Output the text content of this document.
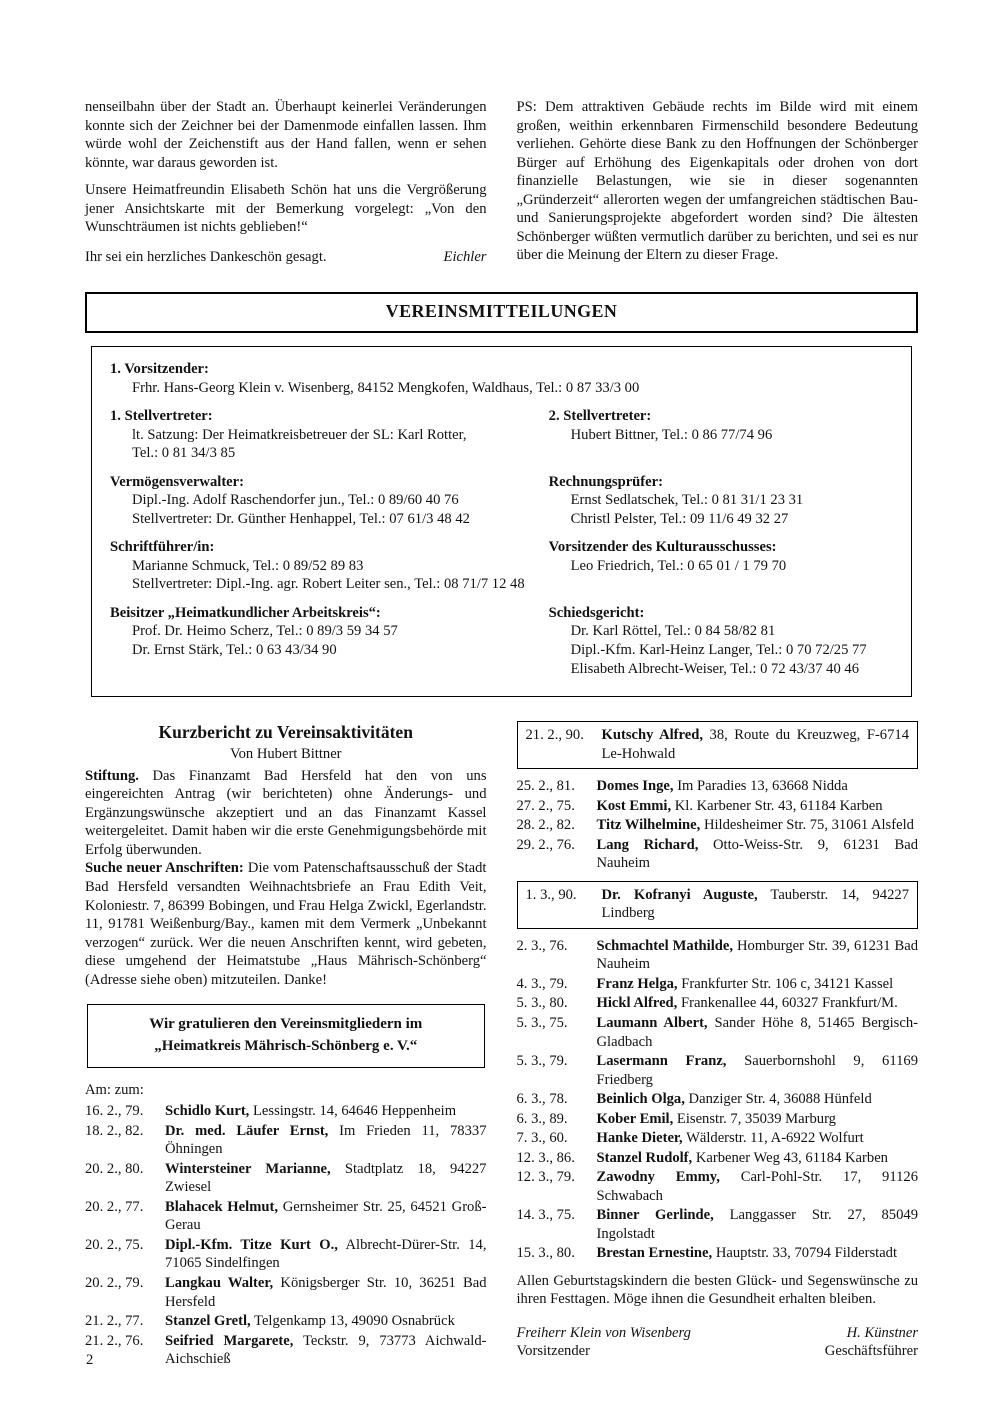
nenseilbahn über der Stadt an. Überhaupt keinerlei Veränderungen konnte sich der Zeichner bei der Damenmode einfallen lassen. Ihm würde wohl der Zeichenstift aus der Hand fallen, wenn er sehen könnte, war daraus geworden ist.

Unsere Heimatfreundin Elisabeth Schön hat uns die Vergrößerung jener Ansichtskarte mit der Bemerkung vorgelegt: „Von den Wunschträumen ist nichts geblieben!“

Ihr sei ein herzliches Dankeschön gesagt.	Eichler

PS: Dem attraktiven Gebäude rechts im Bilde wird mit einem großen, weithin erkennbaren Firmenschild besondere Bedeutung verliehen. Gehörte diese Bank zu den Hoffnungen der Schönberger Bürger auf Erhöhung des Eigenkapitals oder drohen von dort finanzielle Belastungen, wie sie in dieser sogenannten „Gründerzeit“ allerorten wegen der umfangreichen städtischen Bau- und Sanierungsprojekte abgefordert worden sind? Die ältesten Schönberger wüßten vermutlich darüber zu berichten, und sei es nur über die Meinung der Eltern zu dieser Frage.

VEREINSMITTEILUNGEN
1. Vorsitzender:
Frhr. Hans-Georg Klein v. Wisenberg, 84152 Mengkofen, Waldhaus, Tel.: 0 87 33/3 00
1. Stellvertreter:
lt. Satzung: Der Heimatkreisbetreuer der SL: Karl Rotter,
Tel.: 0 81 34/3 85
2. Stellvertreter:
Hubert Bittner, Tel.: 0 86 77/74 96
Vermögensverwalter:
Dipl.-Ing. Adolf Raschendorfer jun., Tel.: 0 89/60 40 76
Stellvertreter: Dr. Günther Henhappel, Tel.: 07 61/3 48 42
Rechnungsprüfer:
Ernst Sedlatschek, Tel.: 0 81 31/1 23 31
Christl Pelster, Tel.: 09 11/6 49 32 27
Schriftführer/in:
Marianne Schmuck, Tel.: 0 89/52 89 83
Stellvertreter: Dipl.-Ing. agr. Robert Leiter sen., Tel.: 08 71/7 12 48
Vorsitzender des Kulturausschusses:
Leo Friedrich, Tel.: 0 65 01 / 1 79 70
Beisitzer „Heimatkundlicher Arbeitskreis“:
Prof. Dr. Heimo Scherz, Tel.: 0 89/3 59 34 57
Dr. Ernst Stärk, Tel.: 0 63 43/34 90
Schiedsgericht:
Dr. Karl Röttel, Tel.: 0 84 58/82 81
Dipl.-Kfm. Karl-Heinz Langer, Tel.: 0 70 72/25 77
Elisabeth Albrecht-Weiser, Tel.: 0 72 43/37 40 46
Kurzbericht zu Vereinsaktivitäten
Von Hubert Bittner

Stiftung. Das Finanzamt Bad Hersfeld hat den von uns eingereichten Antrag (wir berichteten) ohne Änderungs- und Ergänzungswünsche akzeptiert und an das Finanzamt Kassel weitergeleitet. Damit haben wir die erste Genehmigungsbehörde mit Erfolg überwunden.

Suche neuer Anschriften: Die vom Patenschaftsausschuß der Stadt Bad Hersfeld versandten Weihnachtsbriefe an Frau Edith Veit, Koloniestr. 7, 86399 Bobingen, und Frau Helga Zwickl, Egerlandstr. 11, 91781 Weißenburg/Bay., kamen mit dem Vermerk „Unbekannt verzogen“ zurück. Wer die neuen Anschriften kennt, wird gebeten, diese umgehend der Heimatstube „Haus Mährisch-Schönberg“ (Adresse siehe oben) mitzuteilen. Danke!

Wir gratulieren den Vereinsmitgliedern im
„Heimatkreis Mährisch-Schönberg e. V.“
Am: zum:
16. 2., 79.	Schidlo Kurt, Lessingstr. 14, 64646 Heppenheim
18. 2., 82.	Dr. med. Läufer Ernst, Im Frieden 11, 78337 Öhningen
20. 2., 80.	Wintersteiner Marianne, Stadtplatz 18, 94227 Zwiesel
20. 2., 77.	Blahacek Helmut, Gernsheimer Str. 25, 64521 Groß-Gerau
20. 2., 75.	Dipl.-Kfm. Titze Kurt O., Albrecht-Dürer-Str. 14, 71065 Sindelfingen
20. 2., 79.	Langkau Walter, Königsberger Str. 10, 36251 Bad Hersfeld
21. 2., 77.	Stanzel Gretl, Telgenkamp 13, 49090 Osnabrück
21. 2., 76.	Seifried Margarete, Teckstr. 9, 73773 Aichwald-Aichschieß
21. 2., 90.	Kutschy Alfred, 38, Route du Kreuzweg, F-6714 Le-Hohwald
25. 2., 81.	Domes Inge, Im Paradies 13, 63668 Nidda
27. 2., 75.	Kost Emmi, Kl. Karbener Str. 43, 61184 Karben
28. 2., 82.	Titz Wilhelmine, Hildesheimer Str. 75, 31061 Alsfeld
29. 2., 76.	Lang Richard, Otto-Weiss-Str. 9, 61231 Bad Nauheim
1. 3., 90.	Dr. Kofranyi Auguste, Tauberstr. 14, 94227 Lindberg
2. 3., 76.	Schmachtel Mathilde, Homburger Str. 39, 61231 Bad Nauheim
4. 3., 79.	Franz Helga, Frankfurter Str. 106 c, 34121 Kassel
5. 3., 80.	Hickl Alfred, Frankenallee 44, 60327 Frankfurt/M.
5. 3., 75.	Laumann Albert, Sander Höhe 8, 51465 Bergisch-Gladbach
5. 3., 79.	Lasermann Franz, Sauerbornshohl 9, 61169 Friedberg
6. 3., 78.	Beinlich Olga, Danziger Str. 4, 36088 Hünfeld
6. 3., 89.	Kober Emil, Eisenstr. 7, 35039 Marburg
7. 3., 60.	Hanke Dieter, Wälderstr. 11, A-6922 Wolfurt
12. 3., 86.	Stanzel Rudolf, Karbener Weg 43, 61184 Karben
12. 3., 79.	Zawodny Emmy, Carl-Pohl-Str. 17, 91126 Schwabach
14. 3., 75.	Binner Gerlinde, Langgasser Str. 27, 85049 Ingolstadt
15. 3., 80.	Brestan Ernestine, Hauptstr. 33, 70794 Filderstadt

Allen Geburtstagskindern die besten Glück- und Segenswünsche zu ihren Festtagen. Möge ihnen die Gesundheit erhalten bleiben.

Freiherr Klein von Wisenberg	H. Künstner
Vorsitzender	Geschäftsführer
2
